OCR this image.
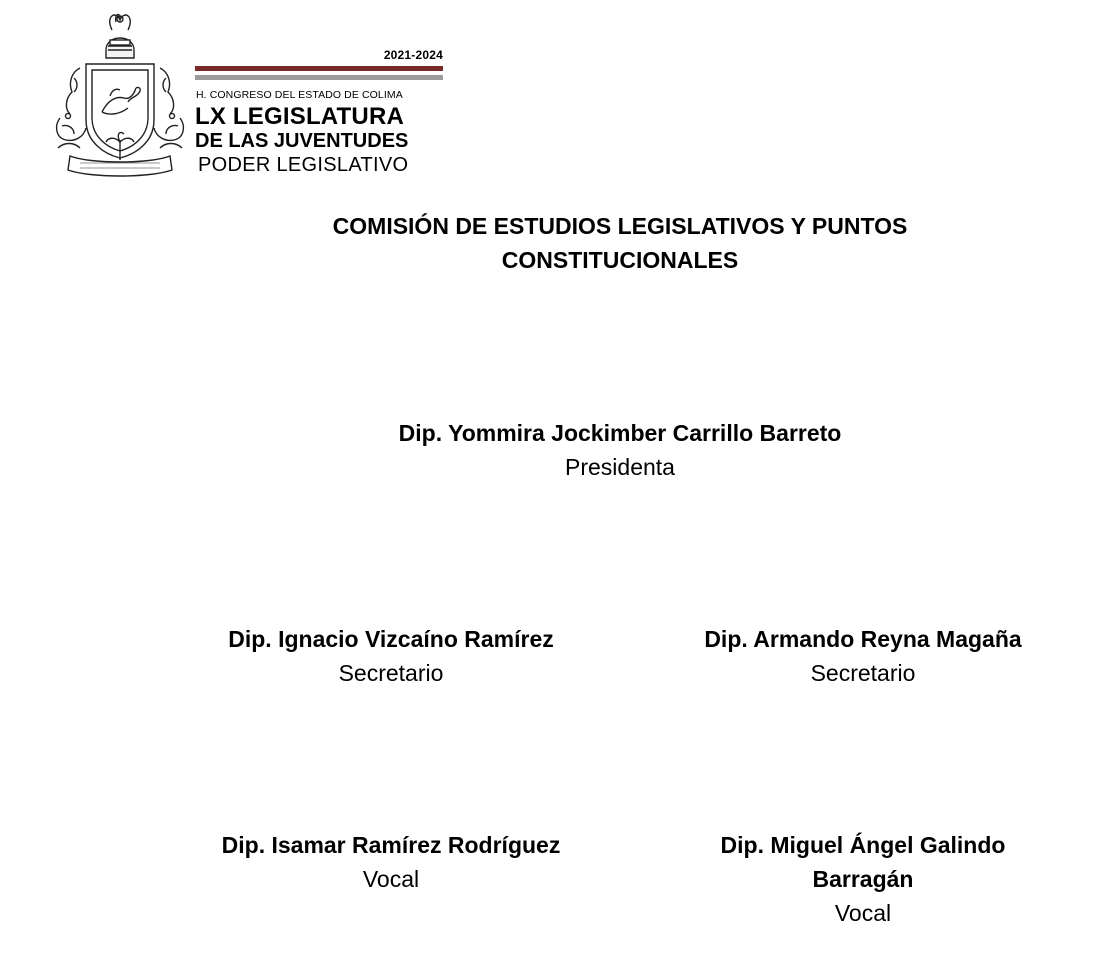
2021-2024
H. CONGRESO DEL ESTADO DE COLIMA
LX LEGISLATURA
DE LAS JUVENTUDES
PODER LEGISLATIVO
COMISIÓN DE ESTUDIOS LEGISLATIVOS Y PUNTOS CONSTITUCIONALES
Dip. Yommira Jockimber Carrillo Barreto
Presidenta
Dip. Ignacio Vizcaíno Ramírez
Secretario
Dip. Armando Reyna Magaña
Secretario
Dip. Isamar Ramírez Rodríguez
Vocal
Dip. Miguel Ángel Galindo Barragán
Vocal
